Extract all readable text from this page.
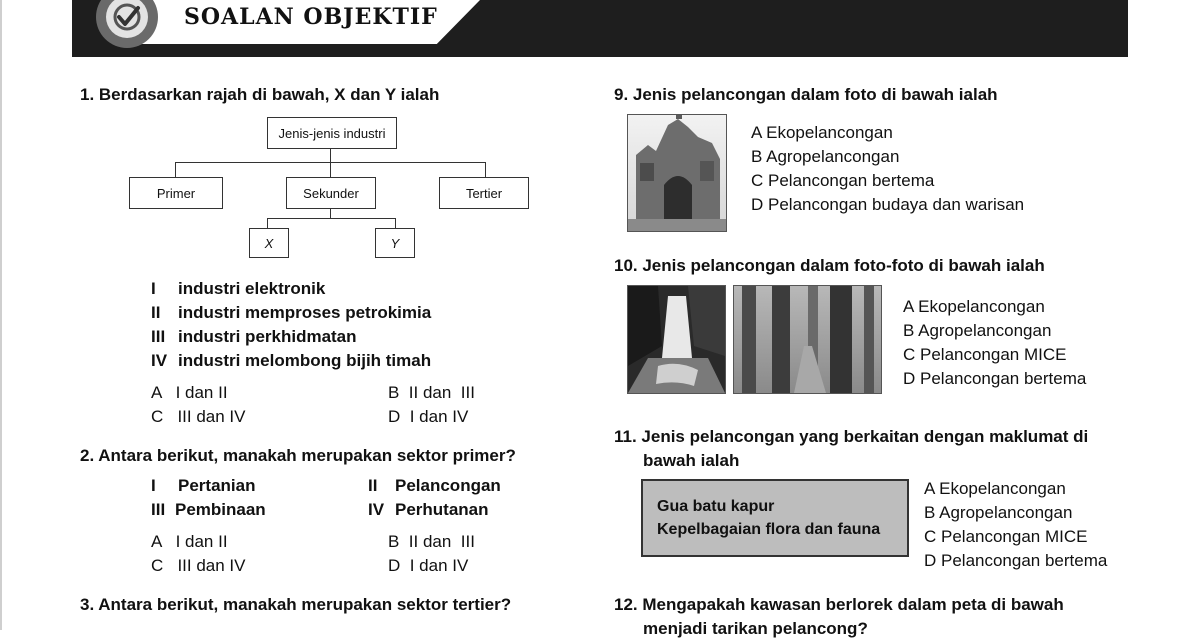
SOALAN OBJEKTIF
1. Berdasarkan rajah di bawah, X dan Y ialah
Jenis-jenis industri
Primer	Sekunder	Tertier
X	Y
I industri elektronik
II industri memproses petrokimia
III industri perkhidmatan
IV industri melombong bijih timah
A   I dan II	B  II dan  III
C   III dan IV	D  I dan IV
2. Antara berikut, manakah merupakan sektor primer?
I Pertanian	II Pelancongan
III Pembinaan	IV Perhutanan
A   I dan II	B  II dan  III
C   III dan IV	D  I dan IV
3. Antara berikut, manakah merupakan sektor tertier?
9. Jenis pelancongan dalam foto di bawah ialah
A Ekopelancongan
B Agropelancongan
C Pelancongan bertema
D Pelancongan budaya dan warisan
10. Jenis pelancongan dalam foto-foto di bawah ialah
A Ekopelancongan
B Agropelancongan
C Pelancongan MICE
D Pelancongan bertema
11. Jenis pelancongan yang berkaitan dengan maklumat di
bawah ialah
Gua batu kapur
Kepelbagaian flora dan fauna
A Ekopelancongan
B Agropelancongan
C Pelancongan MICE
D Pelancongan bertema
12. Mengapakah kawasan berlorek dalam peta di bawah
menjadi tarikan pelancong?
